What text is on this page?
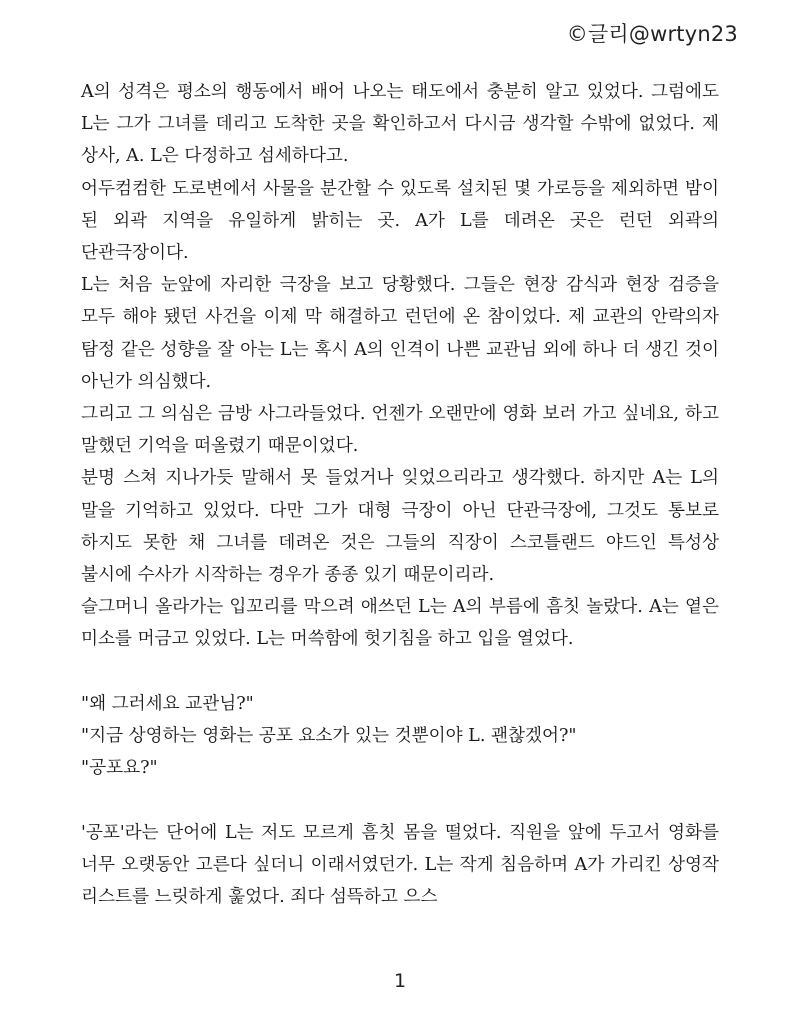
©글리@wrtyn23

A의 성격은 평소의 행동에서 배어 나오는 태도에서 충분히 알고 있었다. 그럼에도 L는 그가 그녀를 데리고 도착한 곳을 확인하고서 다시금 생각할 수밖에 없었다. 제 상사, A. L은 다정하고 섬세하다고.

어두컴컴한 도로변에서 사물을 분간할 수 있도록 설치된 몇 가로등을 제외하면 밤이 된 외곽 지역을 유일하게 밝히는 곳. A가 L를 데려온 곳은 런던 외곽의 단관극장이다.

L는 처음 눈앞에 자리한 극장을 보고 당황했다. 그들은 현장 감식과 현장 검증을 모두 해야 됐던 사건을 이제 막 해결하고 런던에 온 참이었다. 제 교관의 안락의자 탐정 같은 성향을 잘 아는 L는 혹시 A의 인격이 나쁜 교관님 외에 하나 더 생긴 것이 아닌가 의심했다.

그리고 그 의심은 금방 사그라들었다. 언젠가 오랜만에 영화 보러 가고 싶네요, 하고 말했던 기억을 떠올렸기 때문이었다.

분명 스쳐 지나가듯 말해서 못 들었거나 잊었으리라고 생각했다. 하지만 A는 L의 말을 기억하고 있었다. 다만 그가 대형 극장이 아닌 단관극장에, 그것도 통보로 하지도 못한 채 그녀를 데려온 것은 그들의 직장이 스코틀랜드 야드인 특성상 불시에 수사가 시작하는 경우가 종종 있기 때문이리라.

슬그머니 올라가는 입꼬리를 막으려 애쓰던 L는 A의 부름에 흠칫 놀랐다. A는 옅은 미소를 머금고 있었다. L는 머쓱함에 헛기침을 하고 입을 열었다.

"왜 그러세요 교관님?"

"지금 상영하는 영화는 공포 요소가 있는 것뿐이야 L. 괜찮겠어?"

"공포요?"

'공포'라는 단어에 L는 저도 모르게 흠칫 몸을 떨었다. 직원을 앞에 두고서 영화를 너무 오랫동안 고른다 싶더니 이래서였던가. L는 작게 침음하며 A가 가리킨 상영작 리스트를 느릿하게 훑었다. 죄다 섬뜩하고 으스

1
